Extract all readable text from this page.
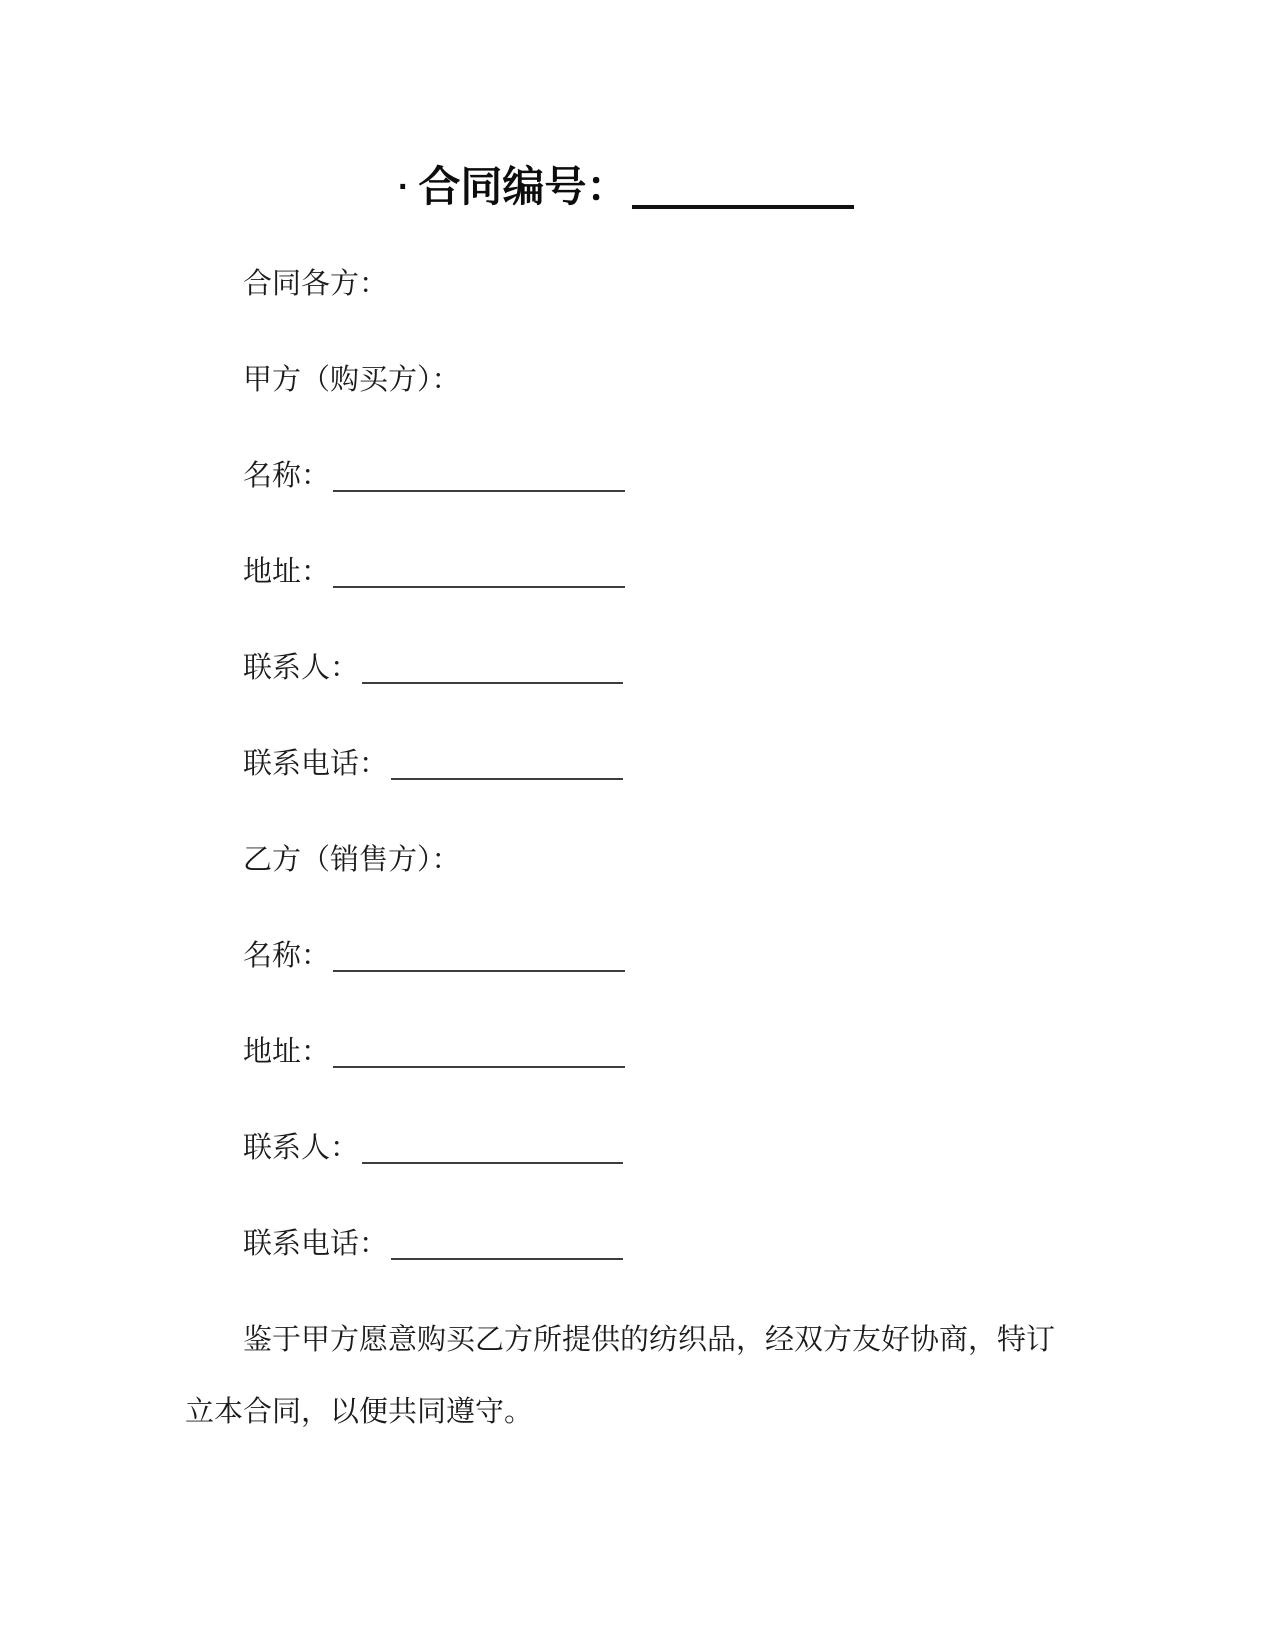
· 合同编号：

合同各方：

甲方（购买方）：

名称：

地址：

联系人：

联系电话：

乙方（销售方）：

名称：

地址：

联系人：

联系电话：

鉴于甲方愿意购买乙方所提供的纺织品，经双方友好协商，特订立本合同，以便共同遵守。
